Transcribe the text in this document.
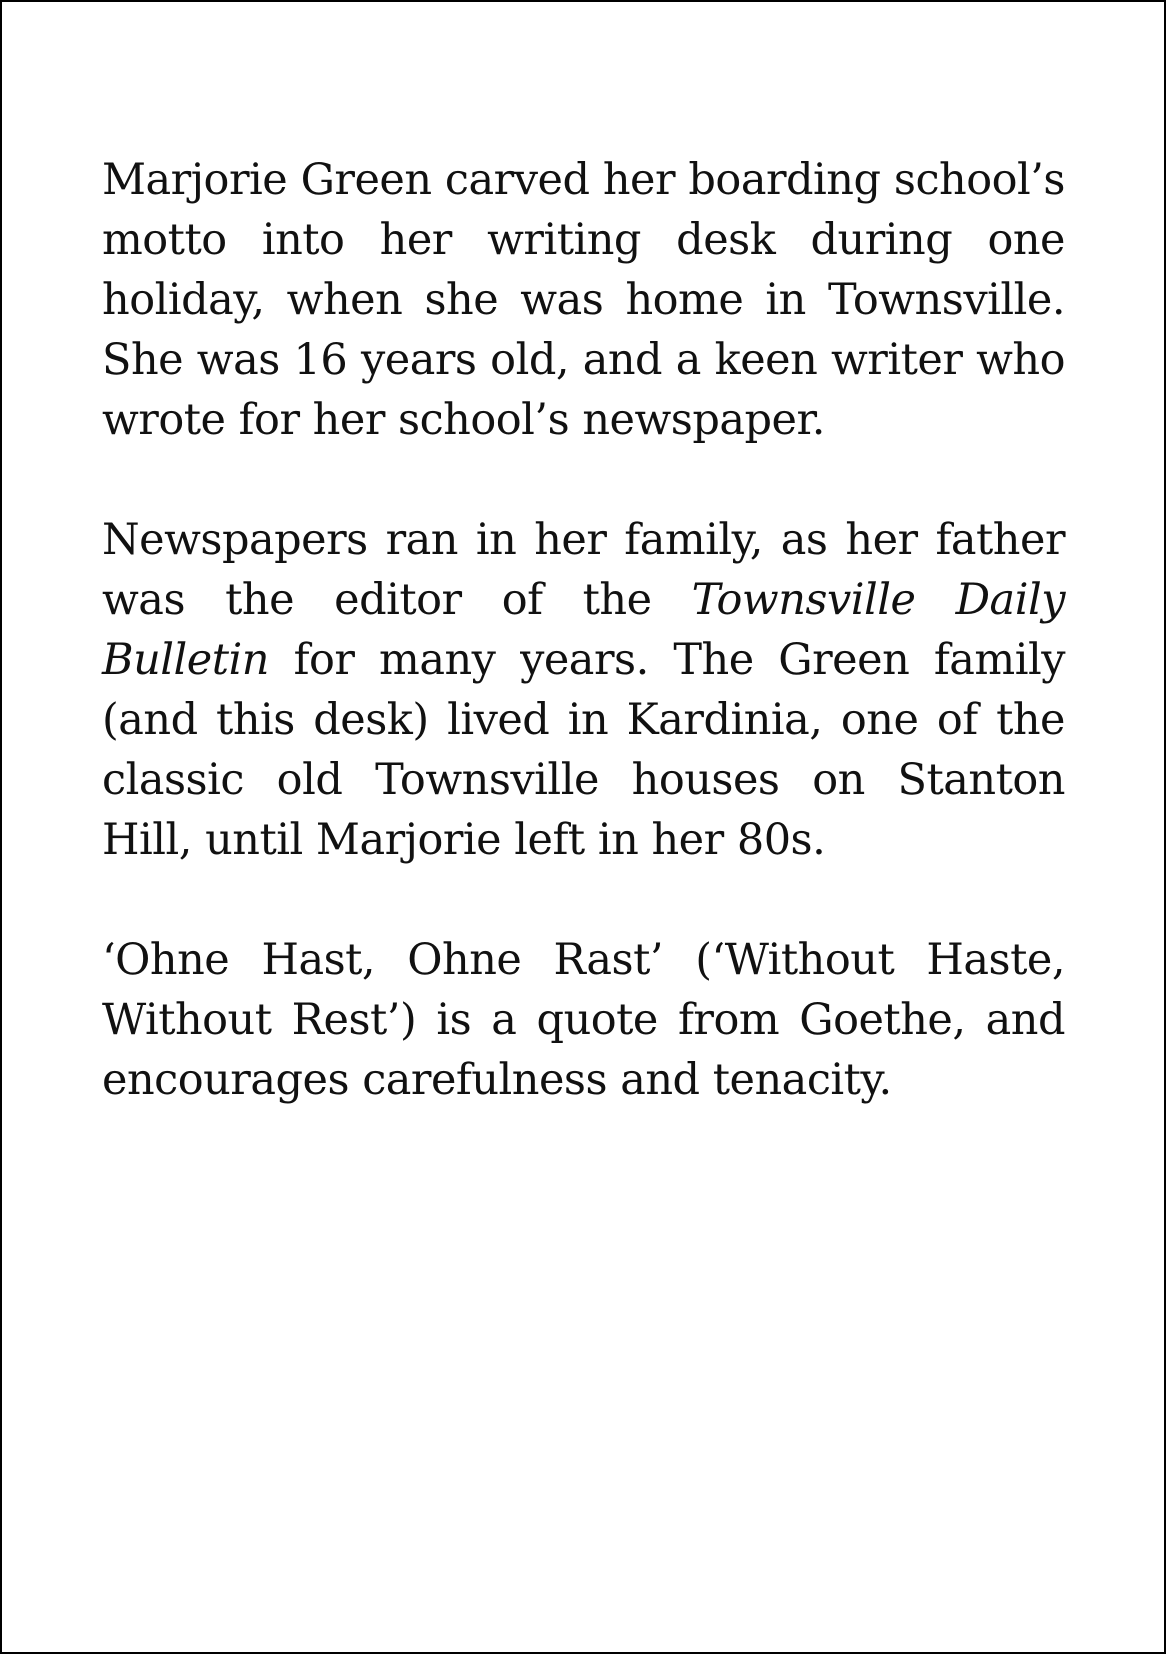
Marjorie Green carved her boarding school’s motto into her writing desk during one holiday, when she was home in Townsville. She was 16 years old, and a keen writer who wrote for her school’s newspaper.

Newspapers ran in her family, as her father was the editor of the Townsville Daily Bulletin for many years. The Green family (and this desk) lived in Kardinia, one of the classic old Townsville houses on Stanton Hill, until Marjorie left in her 80s.

‘Ohne Hast, Ohne Rast’ (‘Without Haste, Without Rest’) is a quote from Goethe, and encourages carefulness and tenacity.
